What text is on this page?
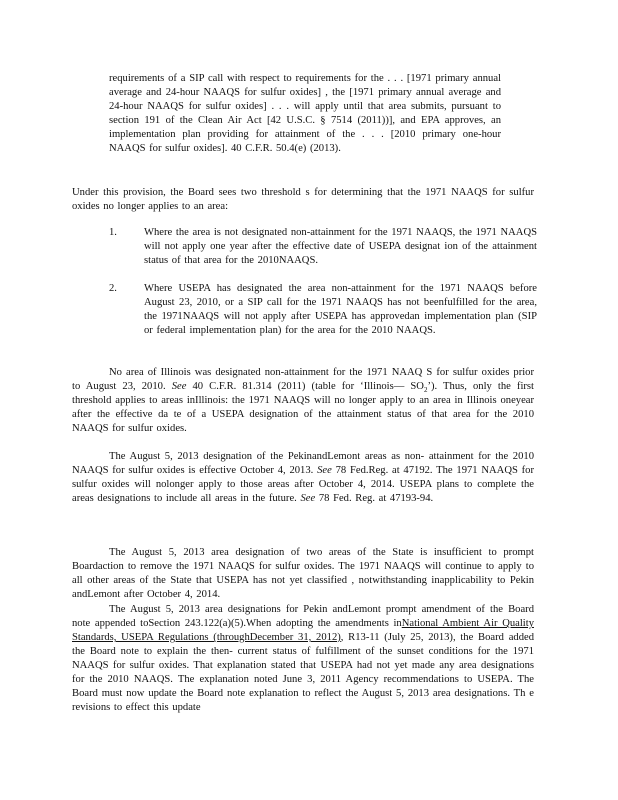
requirements of a SIP call with respect to requirements for the . . . [1971 primary annual average and 24-hour NAAQS for sulfur oxides] , the [1971 primary annual average and 24-hour NAAQS for sulfur oxides] . . . will apply until that area submits, pursuant to section 191 of the Clean Air Act [42 U.S.C. § 7514 (2011))], and EPA approves, an implementation plan providing for attainment of the . . . [2010 primary one-hour NAAQS for sulfur oxides]. 40 C.F.R. 50.4(e) (2013).
Under this provision, the Board sees two threshold s for determining that the 1971 NAAQS for sulfur oxides no longer applies to an area:
1.	Where the area is not designated non-attainment for the 1971 NAAQS, the 1971 NAAQS will not apply one year after the effective date of USEPA designat ion of the attainment status of that area for the 2010NAAQS.
2.	Where USEPA has designated the area non-attainment for the 1971 NAAQS before August 23, 2010, or a SIP call for the 1971 NAAQS has not beenfulfilled for the area, the 1971NAAQS will not apply after USEPA has approvedan implementation plan (SIP or federal implementation plan) for the area for the 2010 NAAQS.
No area of Illinois was designated non-attainment for the 1971 NAAQ S for sulfur oxides prior to August 23, 2010. See 40 C.F.R. 81.314 (2011) (table for ‘Illinois— $SO_2$’). Thus, only the first threshold applies to areas inIllinois: the 1971 NAAQS will no longer apply to an area in Illinois oneyear after the effective da te of a USEPA designation of the attainment status of that area for the 2010 NAAQS for sulfur oxides.
The August 5, 2013 designation of the PekinandLemont areas as non- attainment for the 2010 NAAQS for sulfur oxides is effective October 4, 2013. See 78 Fed.Reg. at 47192. The 1971 NAAQS for sulfur oxides will nolonger apply to those areas after October 4, 2014. USEPA plans to complete the areas designations to include all areas in the future. See 78 Fed. Reg. at 47193-94.
The August 5, 2013 area designation of two areas of the State is insufficient to prompt Boardaction to remove the 1971 NAAQS for sulfur oxides. The 1971 NAAQS will continue to apply to all other areas of the State that USEPA has not yet classified , notwithstanding inapplicability to Pekin andLemont after October 4, 2014.
The August 5, 2013 area designations for Pekin andLemont prompt amendment of the Board note appended toSection 243.122(a)(5).When adopting the amendments inNational Ambient Air Quality Standards, USEPA Regulations (throughDecember 31, 2012), R13-11 (July 25, 2013), the Board added the Board note to explain the then- current status of fulfillment of the sunset conditions for the 1971 NAAQS for sulfur oxides. That explanation stated that USEPA had not yet made any area designations for the 2010 NAAQS. The explanation noted June 3, 2011 Agency recommendations to USEPA. The Board must now update the Board note explanation to reflect the August 5, 2013 area designations. Th e revisions to effect this update
